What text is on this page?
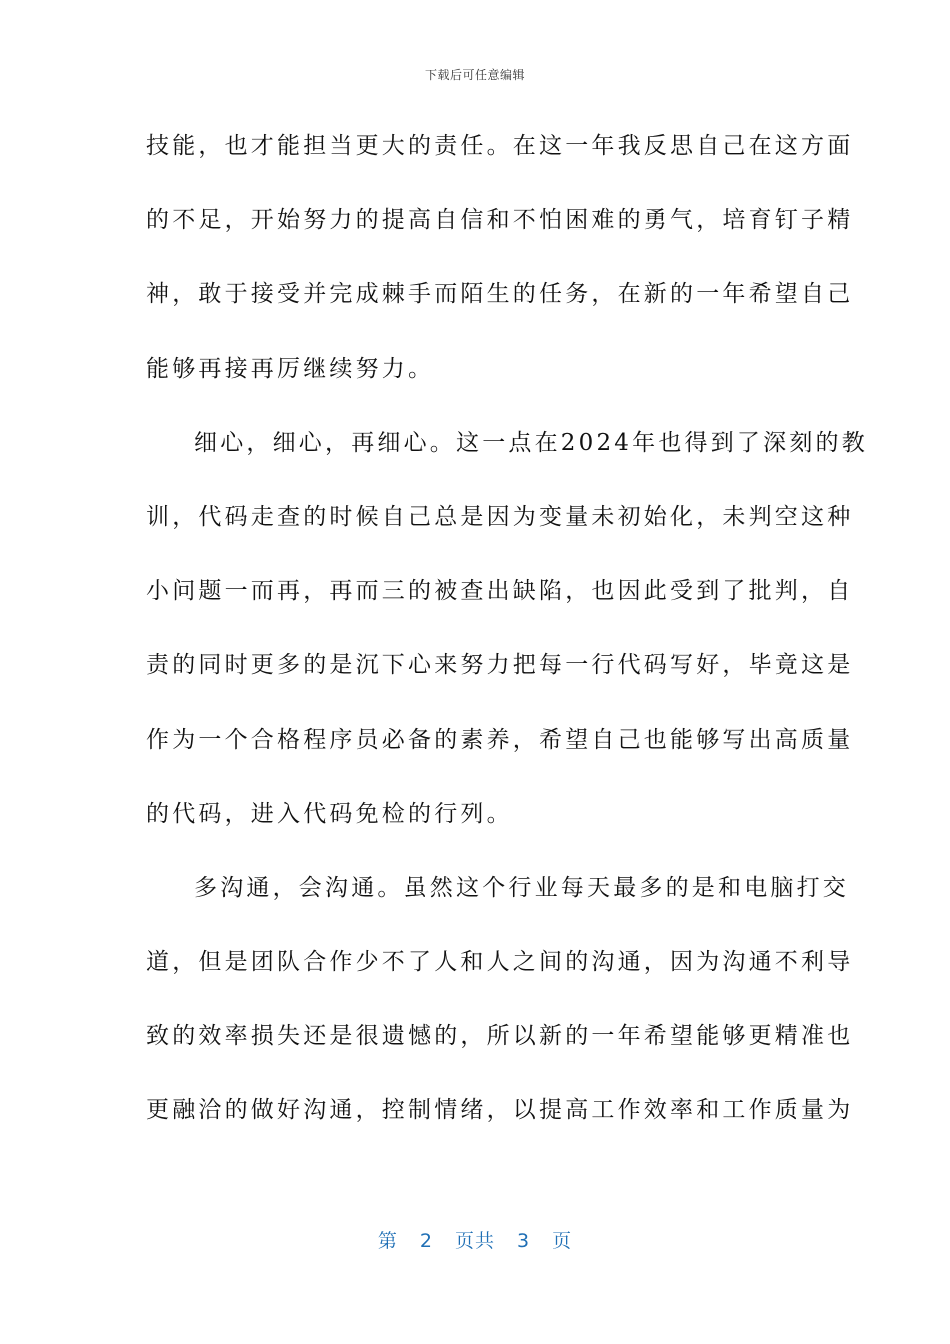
下载后可任意编辑
技能，也才能担当更大的责任。在这一年我反思自己在这方面
的不足，开始努力的提高自信和不怕困难的勇气，培育钉子精
神，敢于接受并完成棘手而陌生的任务，在新的一年希望自己
能够再接再厉继续努力。
细心，细心，再细心。这一点在2024年也得到了深刻的教
训，代码走查的时候自己总是因为变量未初始化，未判空这种
小问题一而再，再而三的被查出缺陷，也因此受到了批判，自
责的同时更多的是沉下心来努力把每一行代码写好，毕竟这是
作为一个合格程序员必备的素养，希望自己也能够写出高质量
的代码，进入代码免检的行列。
多沟通，会沟通。虽然这个行业每天最多的是和电脑打交
道，但是团队合作少不了人和人之间的沟通，因为沟通不利导
致的效率损失还是很遗憾的，所以新的一年希望能够更精准也
更融洽的做好沟通，控制情绪，以提高工作效率和工作质量为
第 2 页共 3 页
